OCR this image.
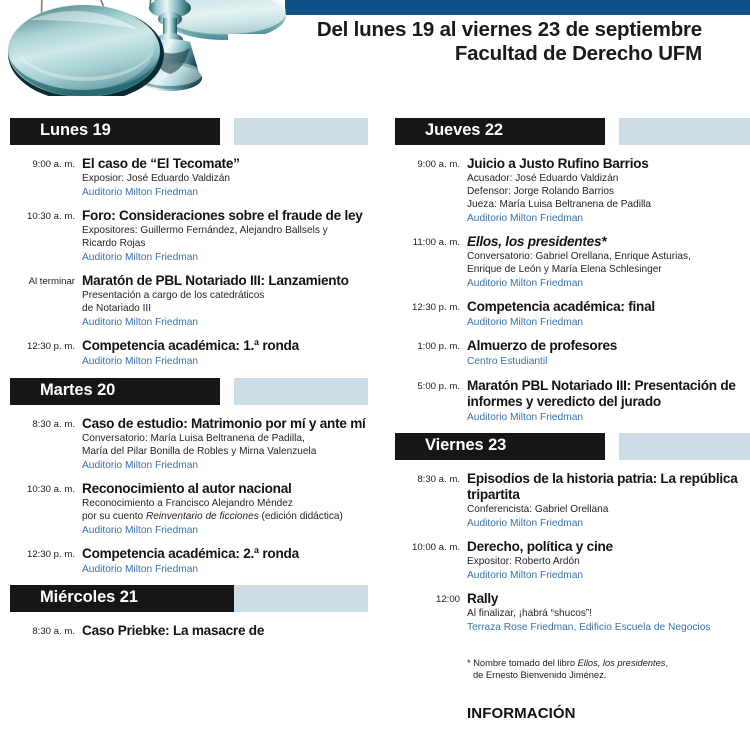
Del lunes 19 al viernes 23 de septiembre
Facultad de Derecho UFM
Lunes 19
9:00 a. m. El caso de “El Tecomate”
Exposior: José Eduardo Valdizán
Auditorio Milton Friedman
10:30 a. m. Foro: Consideraciones sobre el fraude de ley
Expositores: Guillermo Fernández, Alejandro Ballsels y
Ricardo Rojas
Auditorio Milton Friedman
Al terminar Maratón de PBL Notariado III: Lanzamiento
Presentación a cargo de los catedráticos
de Notariado III
Auditorio Milton Friedman
12:30 p. m. Competencia académica: 1.ª ronda
Auditorio Milton Friedman
Martes 20
8:30 a. m. Caso de estudio: Matrimonio por mí y ante mí
Conversatorio: María Luisa Beltranena de Padilla,
María del Pilar Bonilla de Robles y Mirna Valenzuela
Auditorio Milton Friedman
10:30 a. m. Reconocimiento al autor nacional
Reconocimiento a Francisco Alejandro Méndez
por su cuento Reinventario de ficciones (edición didáctica)
Auditorio Milton Friedman
12:30 p. m. Competencia académica: 2.ª ronda
Auditorio Milton Friedman
Miércoles 21
8:30 a. m. Caso Priebke: La masacre de
Jueves 22
9:00 a. m. Juicio a Justo Rufino Barrios
Acusador: José Eduardo Valdizán
Defensor: Jorge Rolando Barrios
Jueza: María Luisa Beltranena de Padilla
Auditorio Milton Friedman
11:00 a. m. Ellos, los presidentes*
Conversatorio: Gabriel Orellana, Enrique Asturias,
Enrique de León y María Elena Schlesinger
Auditorio Milton Friedman
12:30 p. m. Competencia académica: final
Auditorio Milton Friedman
1:00 p. m. Almuerzo de profesores
Centro Estudiantil
5:00 p. m. Maratón PBL Notariado III: Presentación de informes y veredicto del jurado
Auditorio Milton Friedman
Viernes 23
8:30 a. m. Episodios de la historia patria: La república tripartita
Conferencista: Gabriel Orellana
Auditorio Milton Friedman
10:00 a. m. Derecho, política y cine
Expositor: Roberto Ardón
Auditorio Milton Friedman
12:00 Rally
Al finalizar, ¡habrá “shucos”!
Terraza Rose Friedman, Edificio Escuela de Negocios
* Nombre tomado del libro Ellos, los presidentes,
de Ernesto Bienvenido Jiménez.
INFORMACIÓN
